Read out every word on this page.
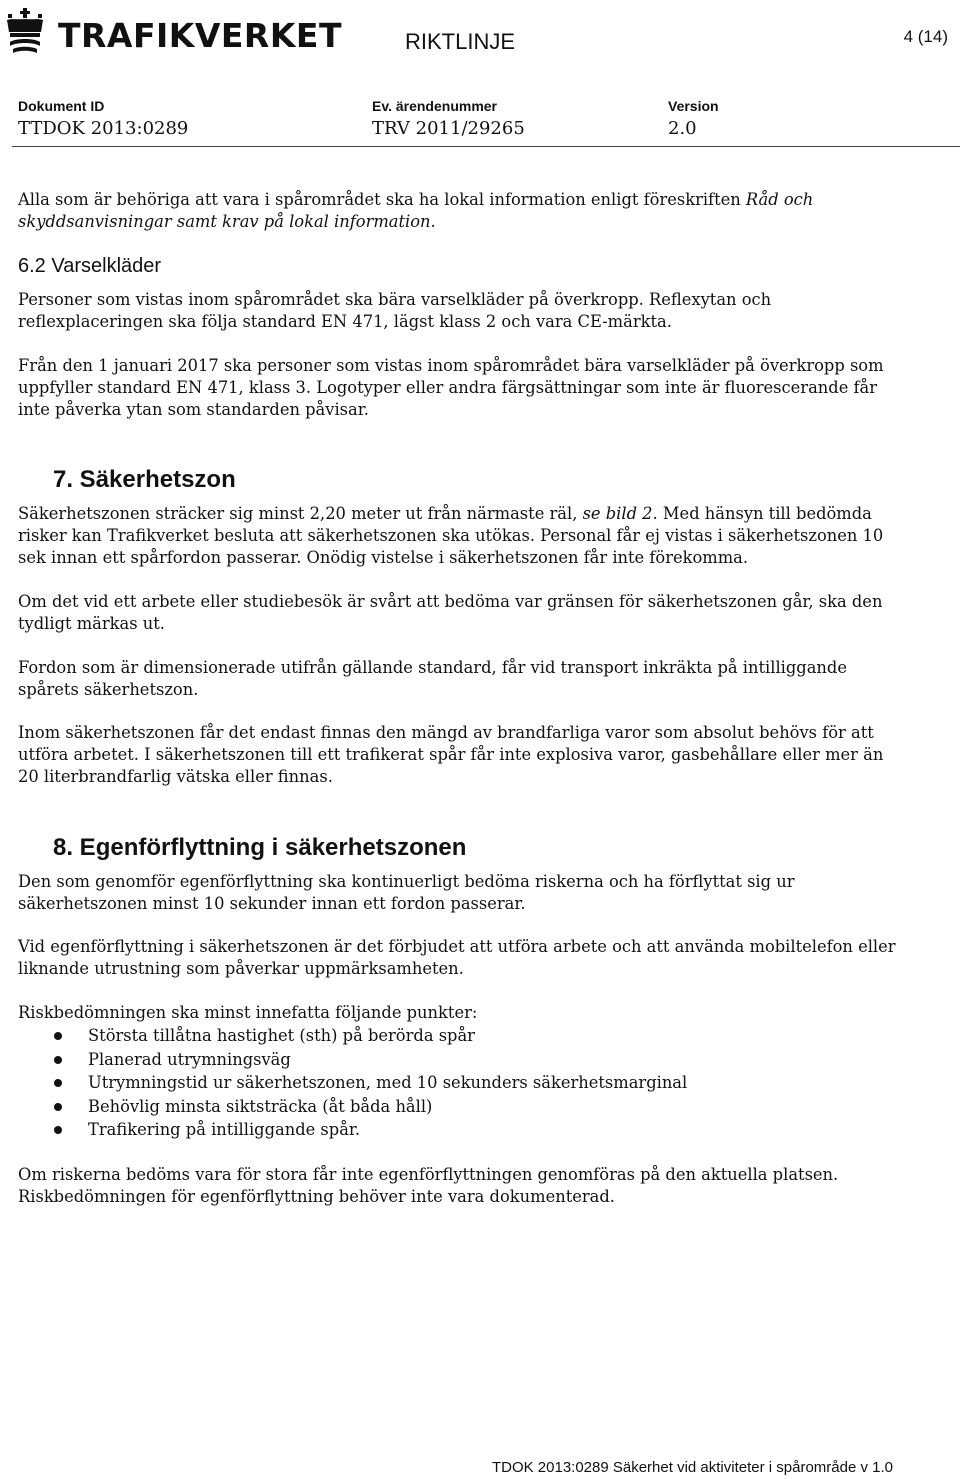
TRAFIKVERKET	RIKTLINJE	4 (14)
Dokument ID
TTDOK 2013:0289
Ev. ärendenummer
TRV 2011/29265
Version
2.0

Alla som är behöriga att vara i spårområdet ska ha lokal information enligt föreskriften Råd och skyddsanvisningar samt krav på lokal information.

6.2 Varselkläder

Personer som vistas inom spårområdet ska bära varselkläder på överkropp. Reflexytan och reflexplaceringen ska följa standard EN 471, lägst klass 2 och vara CE-märkta.

Från den 1 januari 2017 ska personer som vistas inom spårområdet bära varselkläder på överkropp som uppfyller standard EN 471, klass 3. Logotyper eller andra färgsättningar som inte är fluorescerande får inte påverka ytan som standarden påvisar.

7. Säkerhetszon

Säkerhetszonen sträcker sig minst 2,20 meter ut från närmaste räl, se bild 2. Med hänsyn till bedömda risker kan Trafikverket besluta att säkerhetszonen ska utökas. Personal får ej vistas i säkerhetszonen 10 sek innan ett spårfordon passerar. Onödig vistelse i säkerhetszonen får inte förekomma.

Om det vid ett arbete eller studiebesök är svårt att bedöma var gränsen för säkerhetszonen går, ska den tydligt märkas ut.

Fordon som är dimensionerade utifrån gällande standard, får vid transport inkräkta på intilliggande spårets säkerhetszon.

Inom säkerhetszonen får det endast finnas den mängd av brandfarliga varor som absolut behövs för att utföra arbetet. I säkerhetszonen till ett trafikerat spår får inte explosiva varor, gasbehållare eller mer än 20 literbrandfarlig vätska eller finnas.

8. Egenförflyttning i säkerhetszonen

Den som genomför egenförflyttning ska kontinuerligt bedöma riskerna och ha förflyttat sig ur säkerhetszonen minst 10 sekunder innan ett fordon passerar.

Vid egenförflyttning i säkerhetszonen är det förbjudet att utföra arbete och att använda mobiltelefon eller liknande utrustning som påverkar uppmärksamheten.

Riskbedömningen ska minst innefatta följande punkter:

Största tillåtna hastighet (sth) på berörda spår
Planerad utrymningsväg
Utrymningstid ur säkerhetszonen, med 10 sekunders säkerhetsmarginal
Behövlig minsta siktsträcka (åt båda håll)
Trafikering på intilliggande spår.

Om riskerna bedöms vara för stora får inte egenförflyttningen genomföras på den aktuella platsen. Riskbedömningen för egenförflyttning behöver inte vara dokumenterad.

TDOK 2013:0289 Säkerhet vid aktiviteter i spårområde v 1.0
